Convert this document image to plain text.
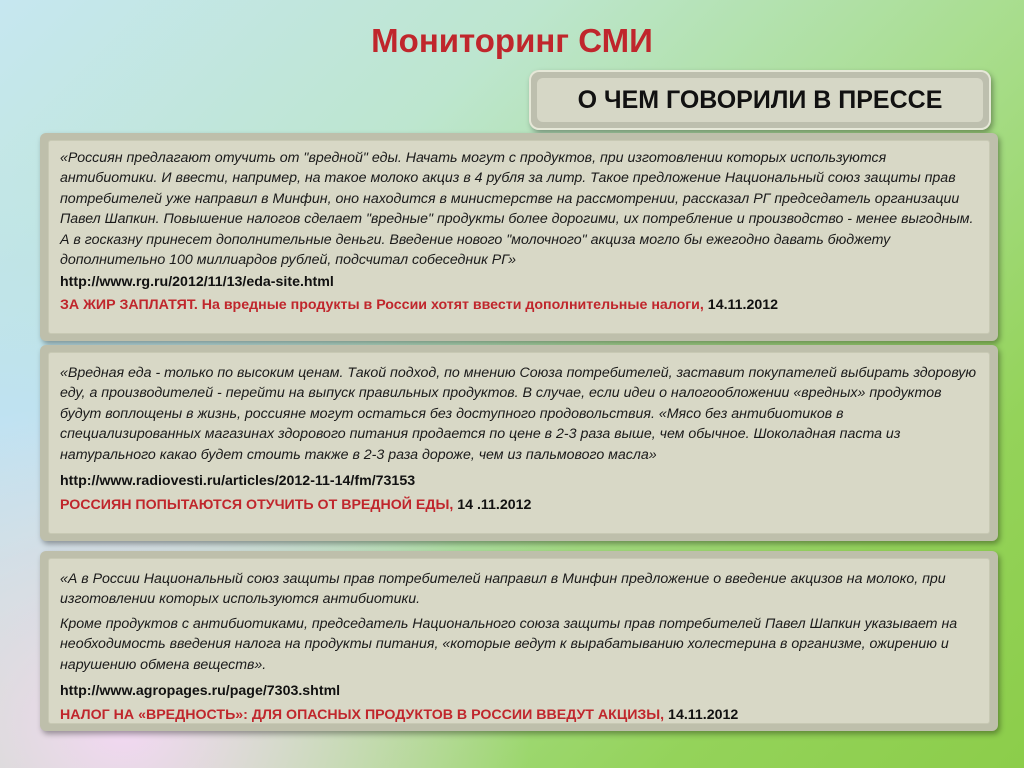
Мониторинг СМИ
О ЧЕМ ГОВОРИЛИ В ПРЕССЕ

«Россиян предлагают отучить от "вредной" еды. Начать могут с продуктов, при изготовлении которых используются антибиотики. И ввести, например, на такое молоко акциз в 4 рубля за литр. Такое предложение Национальный союз защиты прав потребителей уже направил в Минфин, оно находится в министерстве на рассмотрении, рассказал РГ председатель организации Павел Шапкин. Повышение налогов сделает "вредные" продукты более дорогими, их потребление и производство - менее выгодным. А в госказну принесет дополнительные деньги. Введение нового "молочного" акциза могло бы ежегодно давать бюджету дополнительно 100 миллиардов рублей, подсчитал собеседник РГ»

http://www.rg.ru/2012/11/13/eda-site.html

ЗА ЖИР ЗАПЛАТЯТ. На вредные продукты в России хотят ввести дополнительные налоги, 14.11.2012

«Вредная еда - только по высоким ценам. Такой подход, по мнению Союза потребителей, заставит покупателей выбирать здоровую еду, а производителей - перейти на выпуск правильных продуктов. В случае, если идеи о налогообложении «вредных» продуктов будут воплощены в жизнь, россияне могут остаться без доступного продовольствия. «Мясо без антибиотиков в специализированных магазинах здорового питания продается по цене в 2-3 раза выше, чем обычное. Шоколадная паста из натурального какао будет стоить также в 2-3 раза дороже, чем из пальмового масла»

http://www.radiovesti.ru/articles/2012-11-14/fm/73153

РОССИЯН ПОПЫТАЮТСЯ ОТУЧИТЬ ОТ ВРЕДНОЙ ЕДЫ, 14 .11.2012

«А в России Национальный союз защиты прав потребителей направил в Минфин предложение о введение акцизов на молоко, при изготовлении которых используются антибиотики.

Кроме продуктов с антибиотиками, председатель Национального союза защиты прав потребителей Павел Шапкин указывает на необходимость введения налога на продукты питания, «которые ведут к вырабатыванию холестерина в организме, ожирению и нарушению обмена веществ».

http://www.agropages.ru/page/7303.shtml

НАЛОГ НА «ВРЕДНОСТЬ»: ДЛЯ ОПАСНЫХ ПРОДУКТОВ В РОССИИ ВВЕДУТ АКЦИЗЫ, 14.11.2012
